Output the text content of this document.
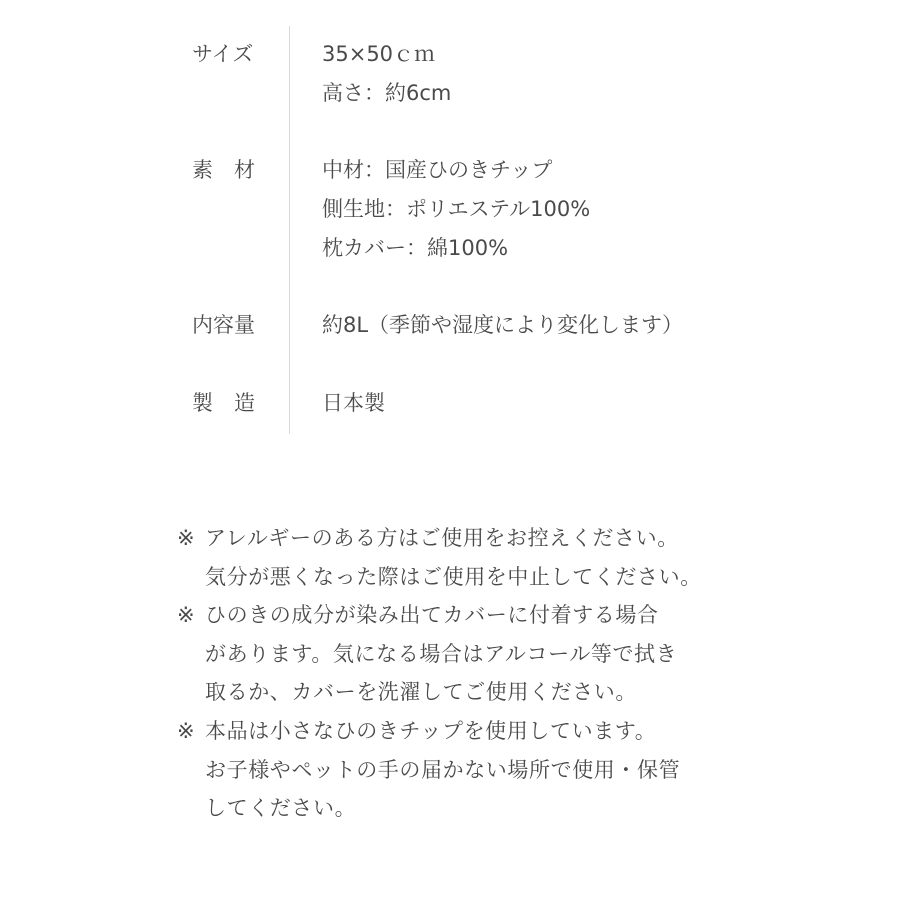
サイズ	35×50ｃｍ
高さ：約6cm
素　材	中材：国産ひのきチップ
側生地：ポリエステル100%
枕カバー：綿100%
内容量	約8L（季節や湿度により変化します）
製　造	日本製
※ アレルギーのある方はご使用をお控えください。
気分が悪くなった際はご使用を中止してください。
※ ひのきの成分が染み出てカバーに付着する場合
があります。気になる場合はアルコール等で拭き
取るか、カバーを洗濯してご使用ください。
※ 本品は小さなひのきチップを使用しています。
お子様やペットの手の届かない場所で使用・保管
してください。
